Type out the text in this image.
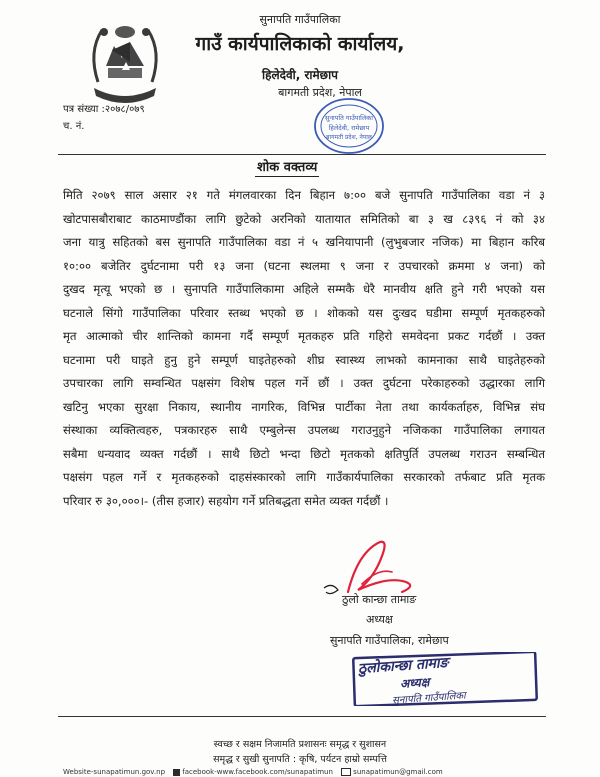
सुनापति गाउँपालिका
गाउँ कार्यपालिकाको कार्यालय,
हिलेदेवी, रामेछाप
बागमती प्रदेश, नेपाल
पत्र संख्या :२०७८/०७९
च. नं.
सुनापति गाउँपालिका
हिलेदेवी, रामेछाप
बागमती प्रदेश, नेपाल
शोक वक्तव्य
मिति २०७९ साल असार २१ गते मंगलवारका दिन बिहान ७:०० बजे सुनापति गाउँपालिका वडा नं ३
खोटपासबौराबाट काठमाण्डौंका लागि छुटेको अरनिको यातायात समितिको बा ३ ख ८३९६ नं को ३४
जना यात्रु सहितको बस सुनापति गाउँपालिका वडा नं ५ खनियापानी (लुभुबजार नजिक) मा बिहान करिब
१०:०० बजेतिर दुर्घटनामा परी १३ जना (घटना स्थलमा ९ जना र उपचारको क्रममा ४ जना) को
दुखद मृत्यू भएको छ । सुनापति गाउँपालिकामा अहिले सम्मकै धेरै मानवीय क्षति हुने गरी भएको यस
घटनाले सिंगो गाउँपालिका परिवार स्तब्ध भएको छ । शोकको यस दुःखद घडीमा सम्पूर्ण मृतकहरुको
मृत आत्माको चीर शान्तिको कामना गर्दै सम्पूर्ण मृतकहरु प्रति गहिरो समवेदना प्रकट गर्दछौं । उक्त
घटनामा परी घाइते हुनु हुने सम्पूर्ण घाइतेहरुको शीघ्र स्वास्थ्य लाभको कामनाका साथै घाइतेहरुको
उपचारका लागि सम्वन्धित पक्षसंग विशेष पहल गर्ने छौं । उक्त दुर्घटना परेकाहरुको उद्धारका लागि
खटिनु भएका सुरक्षा निकाय, स्थानीय नागरिक, विभिन्न पार्टीका नेता तथा कार्यकर्ताहरु, विभिन्न संघ
संस्थाका व्यक्तित्वहरु, पत्रकारहरु साथै एम्बुलेन्स उपलब्ध गराउनुहुने नजिकका गाउँपालिका लगायत
सबैमा धन्यवाद व्यक्त गर्दछौं । साथै छिटो भन्दा छिटो मृतकको क्षतिपुर्ति उपलब्ध गराउन सम्बन्धित
पक्षसंग पहल गर्ने र मृतकहरुको दाहसंस्कारको लागि गाउँकार्यपालिका सरकारको तर्फबाट प्रति मृतक
परिवार रु ३०,०००।- (तीस हजार) सहयोग गर्ने प्रतिबद्धता समेत व्यक्त गर्दछौं ।
ठुलो कान्छा तामाङ
अध्यक्ष
सुनापति गाउँपालिका, रामेछाप
ठुलोकान्छा तामाङ
अध्यक्ष
सुनापति गाउँपालिका
स्वच्छ र सक्षम निजामति प्रशासनः समृद्ध र सुशासन
समृद्ध र सुखी सुनापति : कृषि, पर्यटन हाम्रो सम्पत्ति
Website-sunapatimun.gov.np facebook-www.facebook.com/sunapatimun	sunapatimun@gmail.com
